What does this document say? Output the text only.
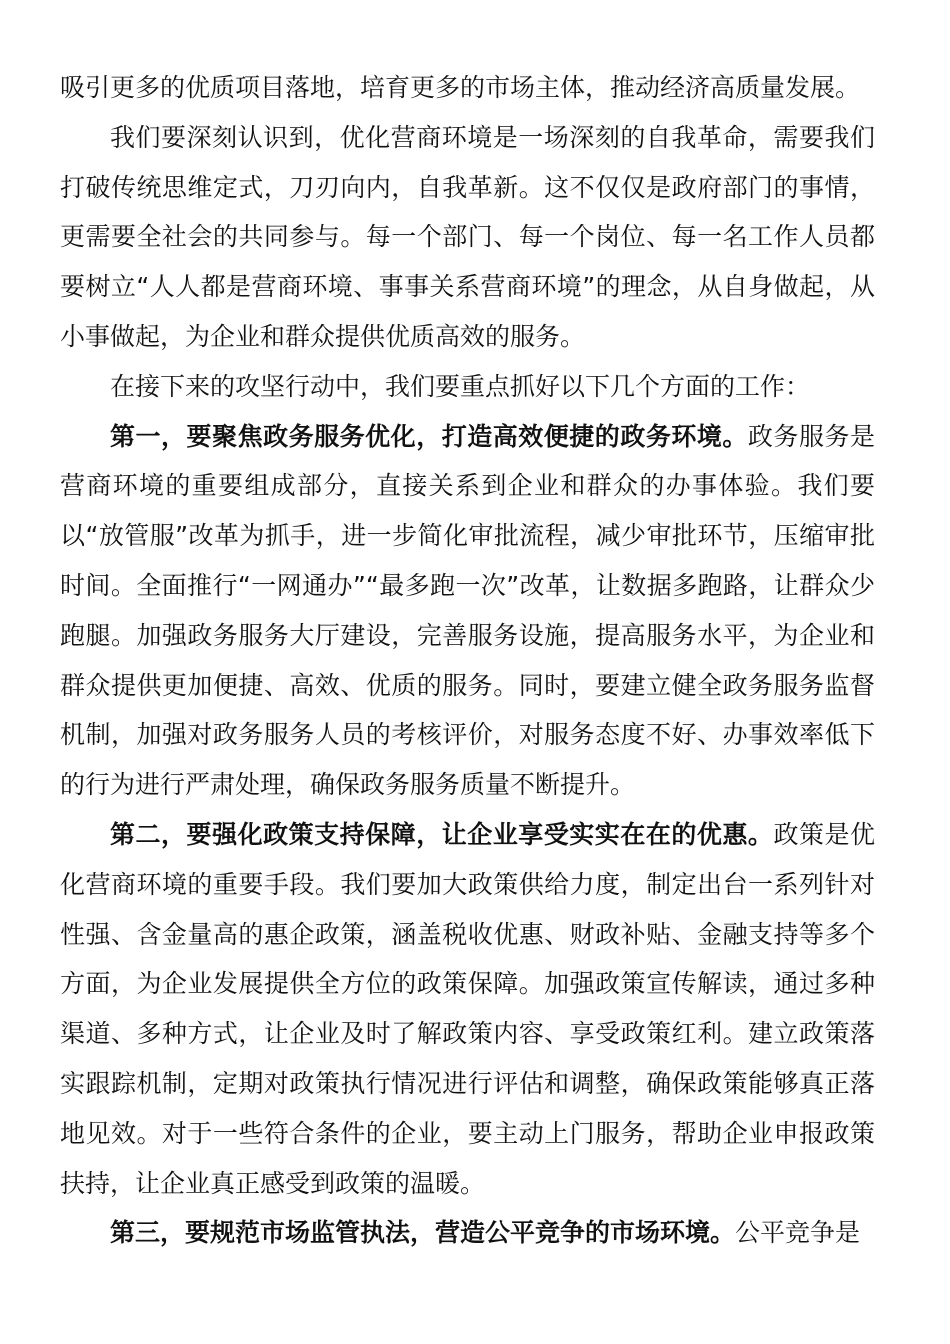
吸引更多的优质项目落地，培育更多的市场主体，推动经济高质量发展。

我们要深刻认识到，优化营商环境是一场深刻的自我革命，需要我们打破传统思维定式，刀刃向内，自我革新。这不仅仅是政府部门的事情，更需要全社会的共同参与。每一个部门、每一个岗位、每一名工作人员都要树立“人人都是营商环境、事事关系营商环境”的理念，从自身做起，从小事做起，为企业和群众提供优质高效的服务。

在接下来的攻坚行动中，我们要重点抓好以下几个方面的工作：

第一，要聚焦政务服务优化，打造高效便捷的政务环境。政务服务是营商环境的重要组成部分，直接关系到企业和群众的办事体验。我们要以“放管服”改革为抓手，进一步简化审批流程，减少审批环节，压缩审批时间。全面推行“一网通办”“最多跑一次”改革，让数据多跑路，让群众少跑腿。加强政务服务大厅建设，完善服务设施，提高服务水平，为企业和群众提供更加便捷、高效、优质的服务。同时，要建立健全政务服务监督机制，加强对政务服务人员的考核评价，对服务态度不好、办事效率低下的行为进行严肃处理，确保政务服务质量不断提升。

第二，要强化政策支持保障，让企业享受实实在在的优惠。政策是优化营商环境的重要手段。我们要加大政策供给力度，制定出台一系列针对性强、含金量高的惠企政策，涵盖税收优惠、财政补贴、金融支持等多个方面，为企业发展提供全方位的政策保障。加强政策宣传解读，通过多种渠道、多种方式，让企业及时了解政策内容、享受政策红利。建立政策落实跟踪机制，定期对政策执行情况进行评估和调整，确保政策能够真正落地见效。对于一些符合条件的企业，要主动上门服务，帮助企业申报政策扶持，让企业真正感受到政策的温暖。

第三，要规范市场监管执法，营造公平竞争的市场环境。公平竞争是
